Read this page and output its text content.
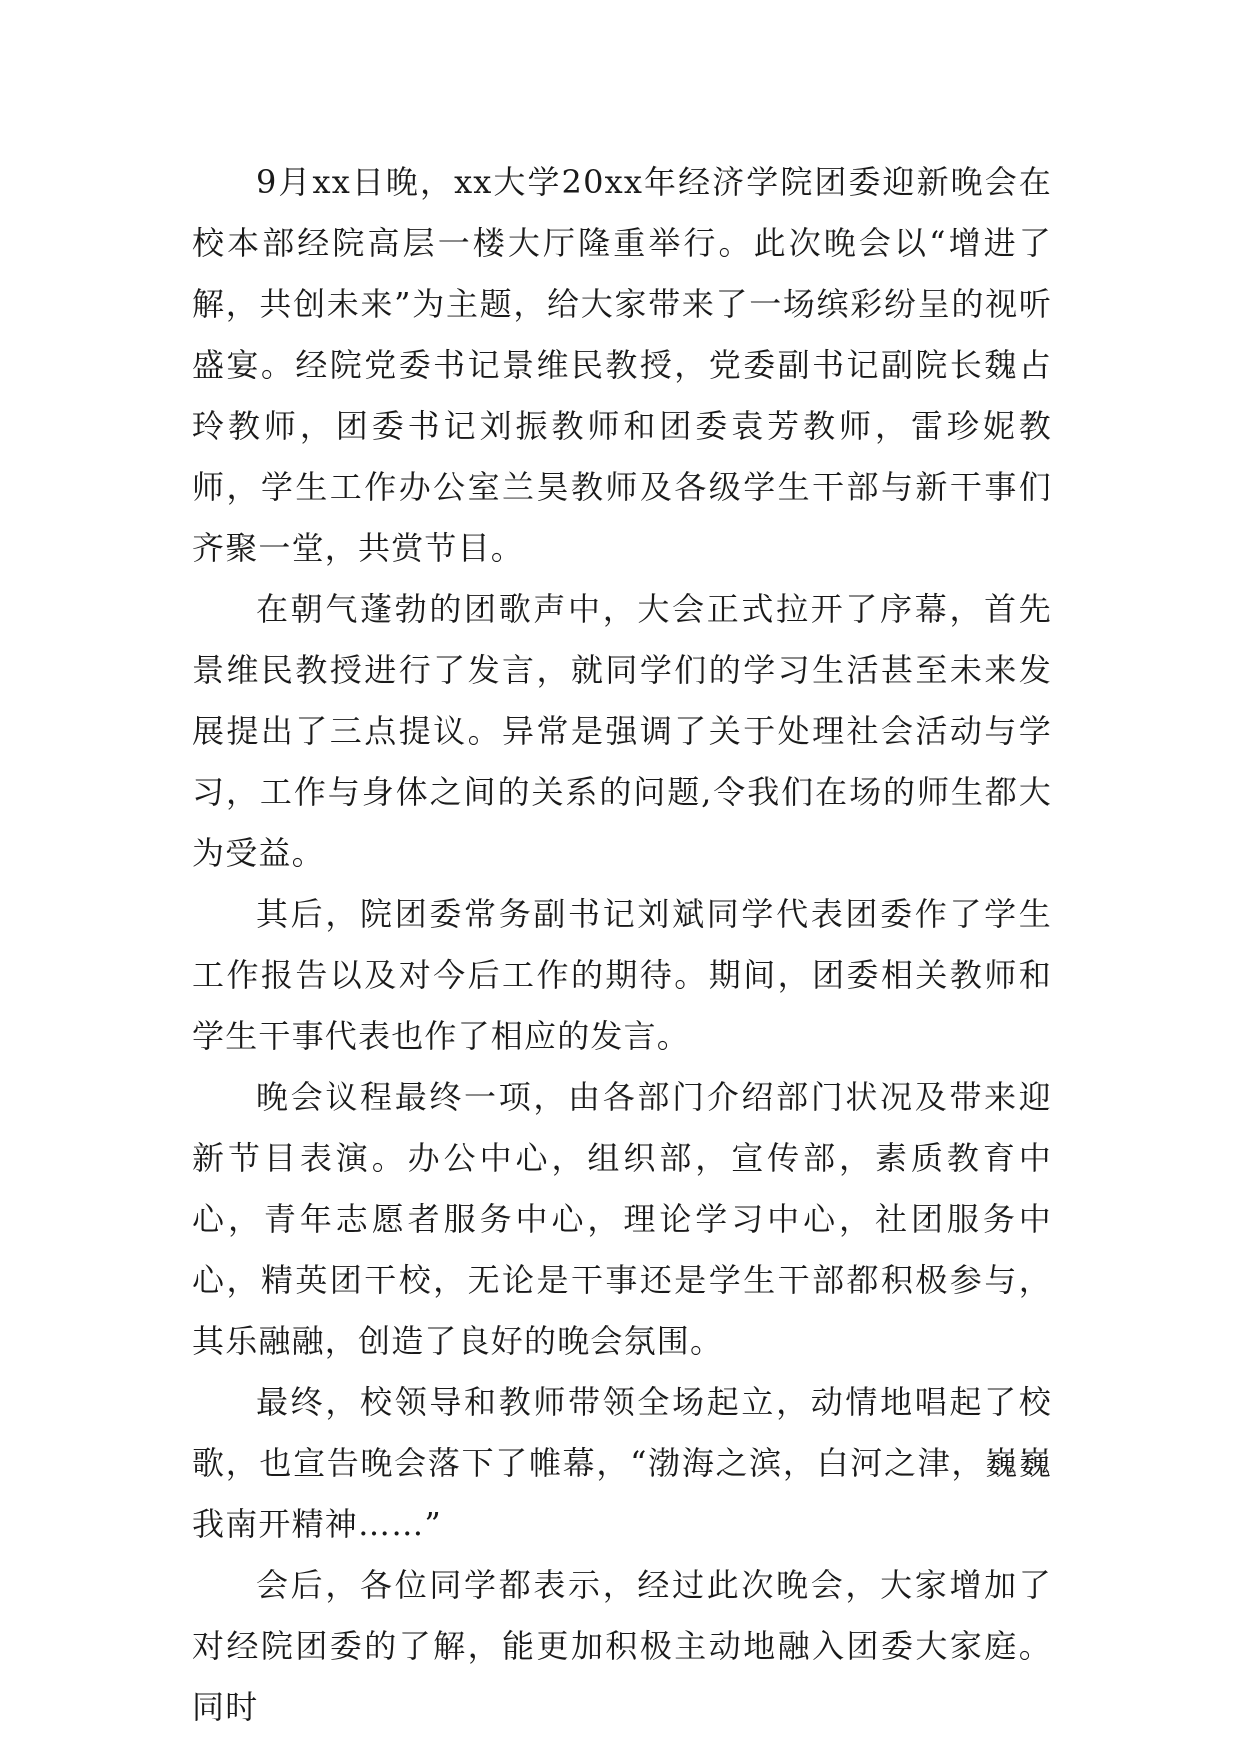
9月xx日晚，xx大学20xx年经济学院团委迎新晚会在校本部经院高层一楼大厅隆重举行。此次晚会以“增进了解，共创未来”为主题，给大家带来了一场缤彩纷呈的视听盛宴。经院党委书记景维民教授，党委副书记副院长魏占玲教师，团委书记刘振教师和团委袁芳教师，雷珍妮教师，学生工作办公室兰昊教师及各级学生干部与新干事们齐聚一堂，共赏节目。

在朝气蓬勃的团歌声中，大会正式拉开了序幕，首先景维民教授进行了发言，就同学们的学习生活甚至未来发展提出了三点提议。异常是强调了关于处理社会活动与学习，工作与身体之间的关系的问题,令我们在场的师生都大为受益。

其后，院团委常务副书记刘斌同学代表团委作了学生工作报告以及对今后工作的期待。期间，团委相关教师和学生干事代表也作了相应的发言。

晚会议程最终一项，由各部门介绍部门状况及带来迎新节目表演。办公中心，组织部，宣传部，素质教育中心，青年志愿者服务中心，理论学习中心，社团服务中心，精英团干校，无论是干事还是学生干部都积极参与，其乐融融，创造了良好的晚会氛围。

最终，校领导和教师带领全场起立，动情地唱起了校歌，也宣告晚会落下了帷幕，“渤海之滨，白河之津，巍巍我南开精神……”

会后，各位同学都表示，经过此次晚会，大家增加了对经院团委的了解，能更加积极主动地融入团委大家庭。同时
